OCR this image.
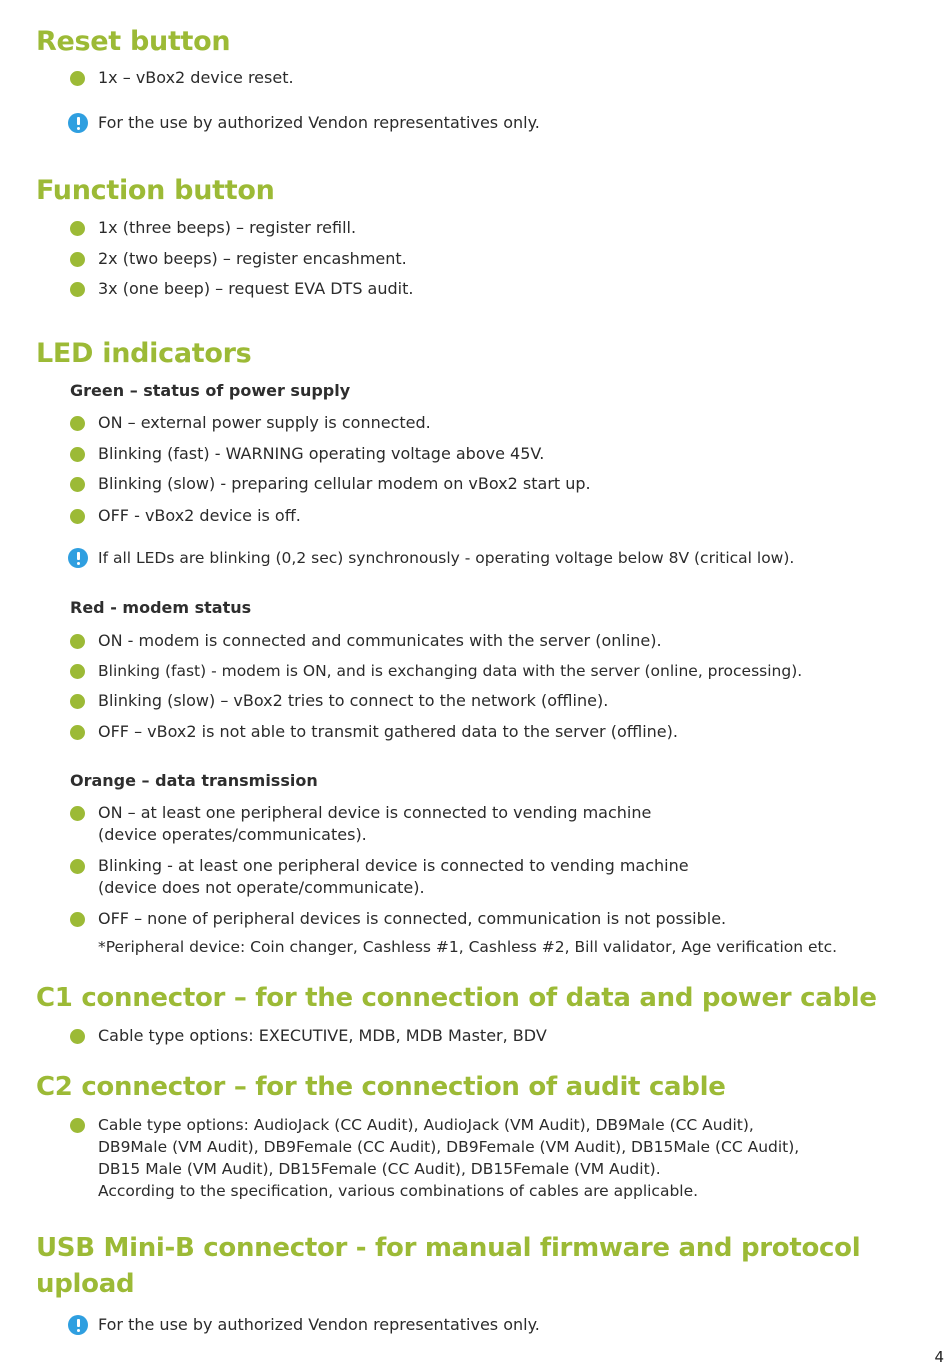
Reset button
1x – vBox2 device reset.
For the use by authorized Vendon representatives only.
Function button
1x (three beeps) – register refill.
2x (two beeps) – register encashment.
3x (one beep) – request EVA DTS audit.
LED indicators
Green – status of power supply
ON – external power supply is connected.
Blinking (fast) - WARNING operating voltage above 45V.
Blinking (slow) - preparing cellular modem on vBox2 start up.
OFF - vBox2 device is off.
If all LEDs are blinking (0,2 sec) synchronously - operating voltage below 8V (critical low).
Red - modem status
ON - modem is connected and communicates with the server (online).
Blinking (fast) - modem is ON, and is exchanging data with the server (online, processing).
Blinking (slow) – vBox2 tries to connect to the network (offline).
OFF – vBox2 is not able to transmit gathered data to the server (offline).
Orange – data transmission
ON – at least one peripheral device is connected to vending machine
(device operates/communicates).
Blinking - at least one peripheral device is connected to vending machine
(device does not operate/communicate).
OFF – none of peripheral devices is connected, communication is not possible.
*Peripheral device: Coin changer, Cashless #1, Cashless #2, Bill validator, Age verification etc.
C1 connector – for the connection of data and power cable
Cable type options: EXECUTIVE, MDB, MDB Master, BDV
C2 connector – for the connection of audit cable
Cable type options: AudioJack (CC Audit), AudioJack (VM Audit), DB9Male (CC Audit),
DB9Male (VM Audit), DB9Female (CC Audit), DB9Female (VM Audit), DB15Male (CC Audit),
DB15 Male (VM Audit), DB15Female (CC Audit), DB15Female (VM Audit).
According to the specification, various combinations of cables are applicable.
USB Mini-B connector - for manual firmware and protocol upload
For the use by authorized Vendon representatives only.
4
